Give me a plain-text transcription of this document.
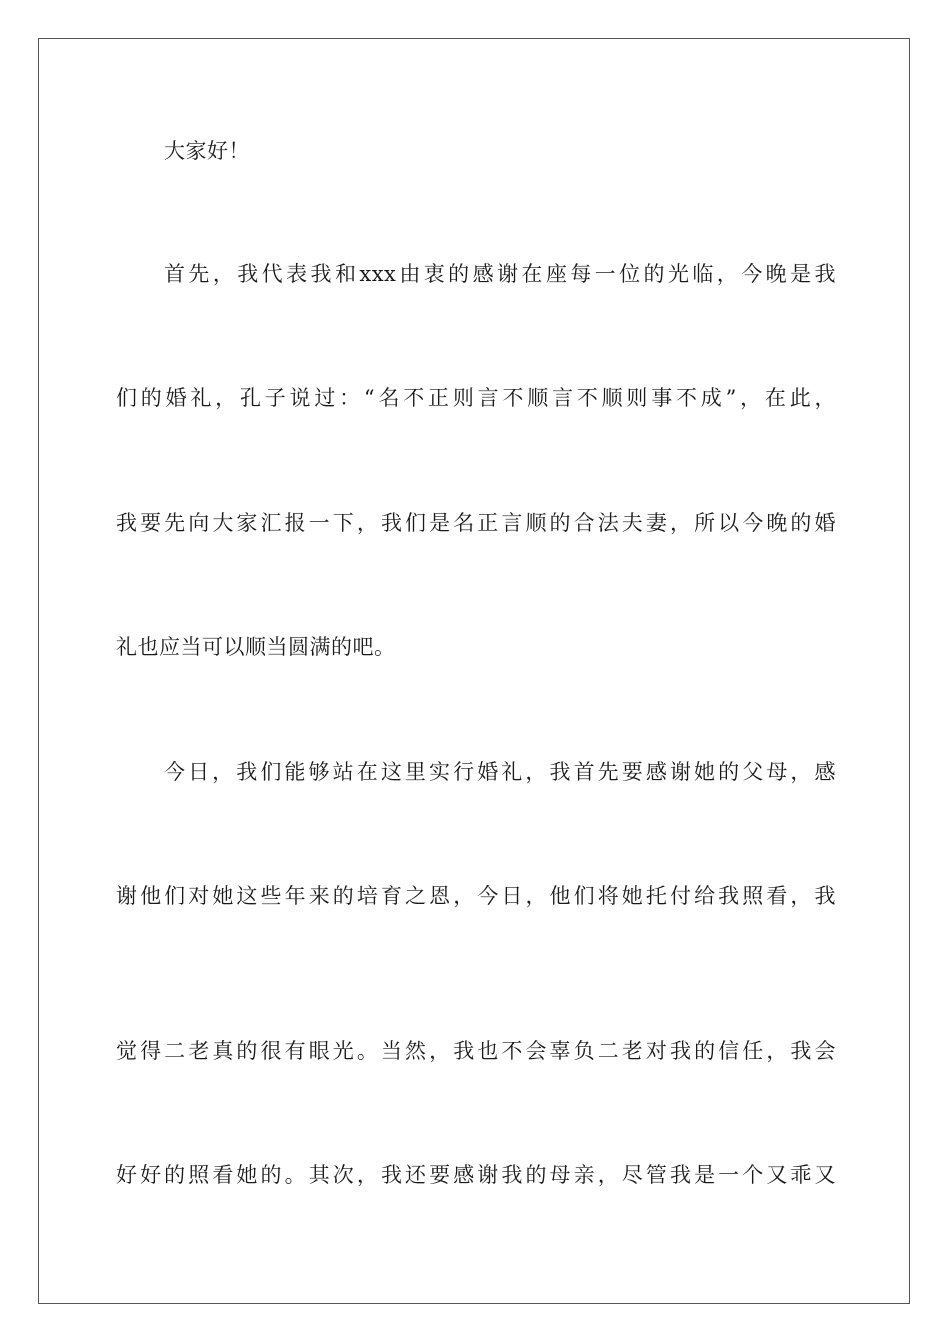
大家好！
首先，我代表我和xxx由衷的感谢在座每一位的光临，今晚是我
们的婚礼，孔子说过：“名不正则言不顺言不顺则事不成”，在此，
我要先向大家汇报一下，我们是名正言顺的合法夫妻，所以今晚的婚
礼也应当可以顺当圆满的吧。
今日，我们能够站在这里实行婚礼，我首先要感谢她的父母，感
谢他们对她这些年来的培育之恩，今日，他们将她托付给我照看，我
觉得二老真的很有眼光。当然，我也不会辜负二老对我的信任，我会
好好的照看她的。其次，我还要感谢我的母亲，尽管我是一个又乖又
